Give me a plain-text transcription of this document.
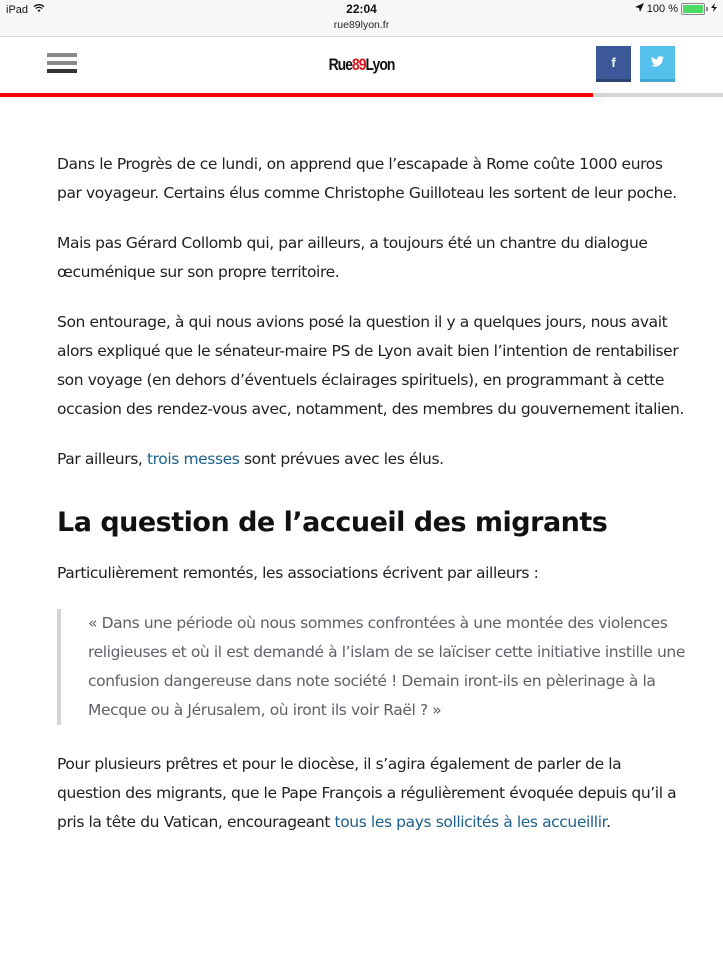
iPad	22:04
rue89lyon.fr
100 %
Rue89Lyon	f

Dans le Progrès de ce lundi, on apprend que l’escapade à Rome coûte 1000 euros par voyageur. Certains élus comme Christophe Guilloteau les sortent de leur poche.

Mais pas Gérard Collomb qui, par ailleurs, a toujours été un chantre du dialogue œcuménique sur son propre territoire.

Son entourage, à qui nous avions posé la question il y a quelques jours, nous avait alors expliqué que le sénateur-maire PS de Lyon avait bien l’intention de rentabiliser son voyage (en dehors d’éventuels éclairages spirituels), en programmant à cette occasion des rendez-vous avec, notamment, des membres du gouvernement italien.

Par ailleurs, trois messes sont prévues avec les élus.

La question de l’accueil des migrants

Particulièrement remontés, les associations écrivent par ailleurs :

« Dans une période où nous sommes confrontées à une montée des violences religieuses et où il est demandé à l’islam de se laïciser cette initiative instille une confusion dangereuse dans note société ! Demain iront-ils en pèlerinage à la Mecque ou à Jérusalem, où iront ils voir Raël ? »

Pour plusieurs prêtres et pour le diocèse, il s’agira également de parler de la question des migrants, que le Pape François a régulièrement évoquée depuis qu’il a pris la tête du Vatican, encourageant tous les pays sollicités à les accueillir.
